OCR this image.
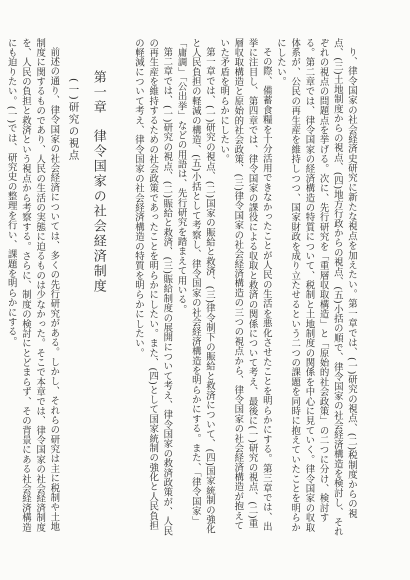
り、律令国家の社会経済史研究に新たな視点を加えたい。第一章では、(一)研究の視点、(二)税制度からの視点、(三)土地制度からの視点、(四)地方行政からの視点、(五)小括の順で、律令国家の社会経済構造を検討し、それぞれの視点の問題点を挙げる。次に、先行研究を「重層収取構造」と「原始的社会政策」の二つに分け、検討する。第二章では、律令国家の経済構造の特質について、税制と土地制度の関係を中心に見ていく。律令国家の収取体系が、公民の再生産を維持しつつ、国家財政を成り立たせるという二つの課題を同時に抱えていたことを明らかにしたい。

その際、備蓄食糧を十分活用できなかったことが人民の生活を悪化させたことを明らかにする。第三章では、出挙に注目し、第四章では、律令国家の課役による収取と救済の関係について考え、最後に(一)研究の視点、(二)重層収取構造と原始的社会政策、(三)律令国家の社会経済構造の三つの視点から、律令国家の社会経済構造が抱えていた矛盾を明らかにしたい。

第一章では、(一)研究の視点、(二)国家の賑給と救済、(三)律令制下の賑給と救済について、(四)国家統制の強化と人民負担の軽減の構造、(五)小括として考察し、律令国家の社会経済構造を明らかにする。また、「律令国家」「庸調」「公出挙」などの用語は、先行研究を踏まえて用いる。

第二章では、(一)研究の視点、(二)賑給と救済、(三)賑給制度の展開について考え、律令国家の救済政策が、人民の再生産を維持するための社会政策であったことを明らかにしたい。また、(四)として国家統制の強化と人民負担の軽減について考え、律令国家の社会経済構造の特質を明らかにしたい。

第一章律令国家の社会経済制度
(一)研究の視点

前述の通り、律令国家の社会経済については、多くの先行研究がある。しかし、それらの研究は主に税制や土地制度に関するものであり、人民の生活の実態に迫るものは少なかった。そこで本章では、律令国家の社会経済制度を、人民の負担と救済という視点から考察する。さらに、制度の検討にとどまらず、その背景にある社会経済構造にも迫りたい。(一)では、研究史の整理を行い、課題を明らかにする。
